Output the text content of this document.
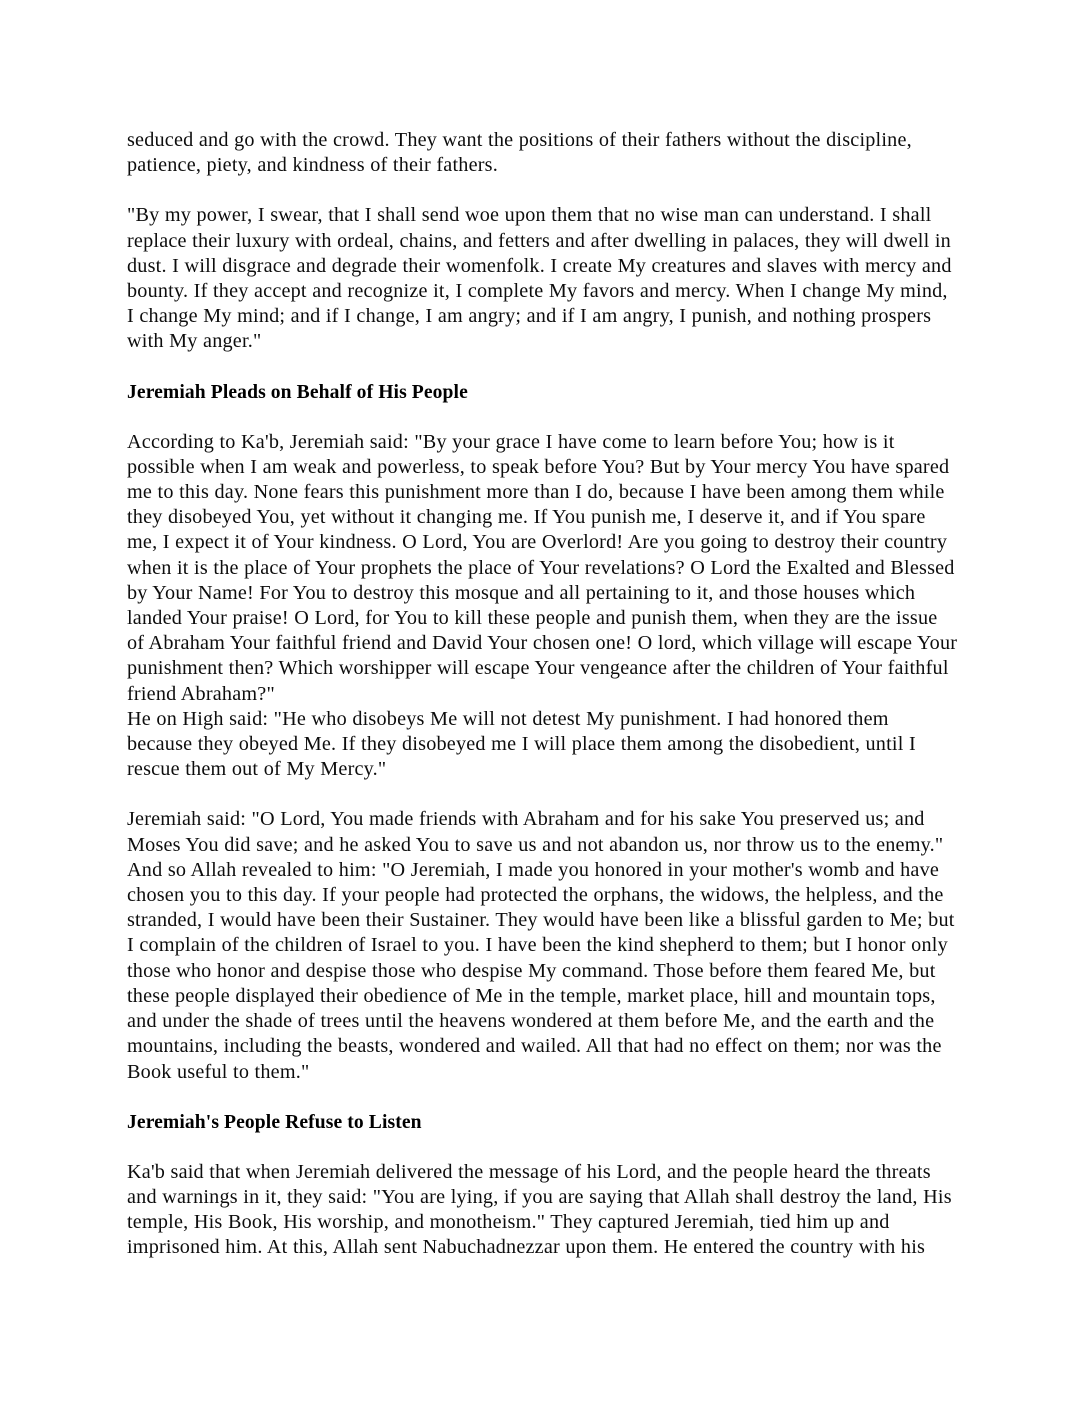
seduced and go with the crowd. They want the positions of their fathers without the discipline, patience, piety, and kindness of their fathers.

"By my power, I swear, that I shall send woe upon them that no wise man can understand. I shall replace their luxury with ordeal, chains, and fetters and after dwelling in palaces, they will dwell in dust. I will disgrace and degrade their womenfolk. I create My creatures and slaves with mercy and bounty. If they accept and recognize it, I complete My favors and mercy. When I change My mind, I change My mind; and if I change, I am angry; and if I am angry, I punish, and nothing prospers with My anger."

Jeremiah Pleads on Behalf of His People

According to Ka'b, Jeremiah said: "By your grace I have come to learn before You; how is it possible when I am weak and powerless, to speak before You? But by Your mercy You have spared me to this day. None fears this punishment more than I do, because I have been among them while they disobeyed You, yet without it changing me. If You punish me, I deserve it, and if You spare me, I expect it of Your kindness. O Lord, You are Overlord! Are you going to destroy their country when it is the place of Your prophets the place of Your revelations? O Lord the Exalted and Blessed by Your Name! For You to destroy this mosque and all pertaining to it, and those houses which landed Your praise! O Lord, for You to kill these people and punish them, when they are the issue of Abraham Your faithful friend and David Your chosen one! O lord, which village will escape Your punishment then? Which worshipper will escape Your vengeance after the children of Your faithful friend Abraham?"

He on High said: "He who disobeys Me will not detest My punishment. I had honored them because they obeyed Me. If they disobeyed me I will place them among the disobedient, until I rescue them out of My Mercy."

Jeremiah said: "O Lord, You made friends with Abraham and for his sake You preserved us; and Moses You did save; and he asked You to save us and not abandon us, nor throw us to the enemy." And so Allah revealed to him: "O Jeremiah, I made you honored in your mother's womb and have chosen you to this day. If your people had protected the orphans, the widows, the helpless, and the stranded, I would have been their Sustainer. They would have been like a blissful garden to Me; but I complain of the children of Israel to you. I have been the kind shepherd to them; but I honor only those who honor and despise those who despise My command. Those before them feared Me, but these people displayed their obedience of Me in the temple, market place, hill and mountain tops, and under the shade of trees until the heavens wondered at them before Me, and the earth and the mountains, including the beasts, wondered and wailed. All that had no effect on them; nor was the Book useful to them."

Jeremiah's People Refuse to Listen

Ka'b said that when Jeremiah delivered the message of his Lord, and the people heard the threats and warnings in it, they said: "You are lying, if you are saying that Allah shall destroy the land, His temple, His Book, His worship, and monotheism." They captured Jeremiah, tied him up and imprisoned him. At this, Allah sent Nabuchadnezzar upon them. He entered the country with his
